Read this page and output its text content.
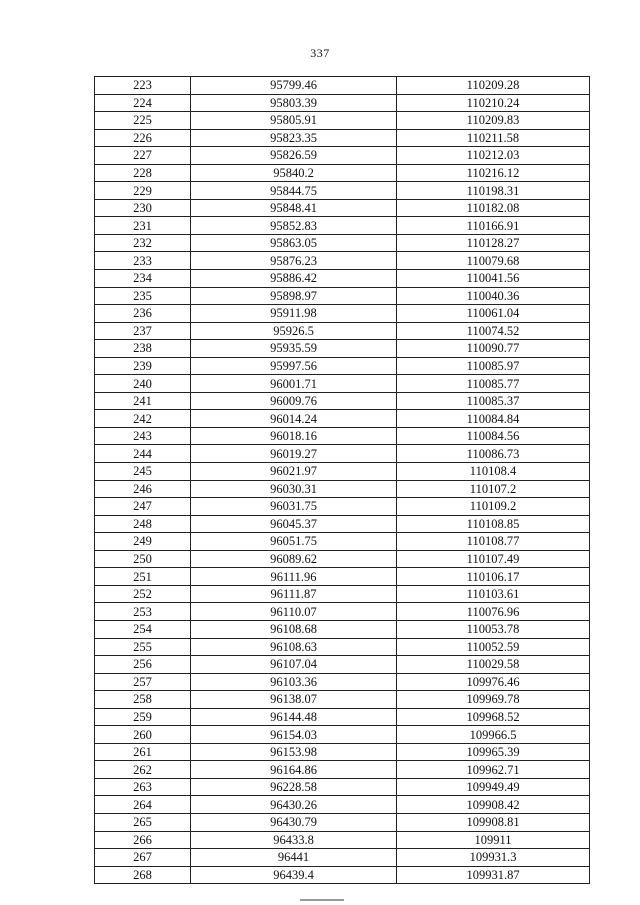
337
223	95799.46	110209.28
224	95803.39	110210.24
225	95805.91	110209.83
226	95823.35	110211.58
227	95826.59	110212.03
228	95840.2	110216.12
229	95844.75	110198.31
230	95848.41	110182.08
231	95852.83	110166.91
232	95863.05	110128.27
233	95876.23	110079.68
234	95886.42	110041.56
235	95898.97	110040.36
236	95911.98	110061.04
237	95926.5	110074.52
238	95935.59	110090.77
239	95997.56	110085.97
240	96001.71	110085.77
241	96009.76	110085.37
242	96014.24	110084.84
243	96018.16	110084.56
244	96019.27	110086.73
245	96021.97	110108.4
246	96030.31	110107.2
247	96031.75	110109.2
248	96045.37	110108.85
249	96051.75	110108.77
250	96089.62	110107.49
251	96111.96	110106.17
252	96111.87	110103.61
253	96110.07	110076.96
254	96108.68	110053.78
255	96108.63	110052.59
256	96107.04	110029.58
257	96103.36	109976.46
258	96138.07	109969.78
259	96144.48	109968.52
260	96154.03	109966.5
261	96153.98	109965.39
262	96164.86	109962.71
263	96228.58	109949.49
264	96430.26	109908.42
265	96430.79	109908.81
266	96433.8	109911
267	96441	109931.3
268	96439.4	109931.87
